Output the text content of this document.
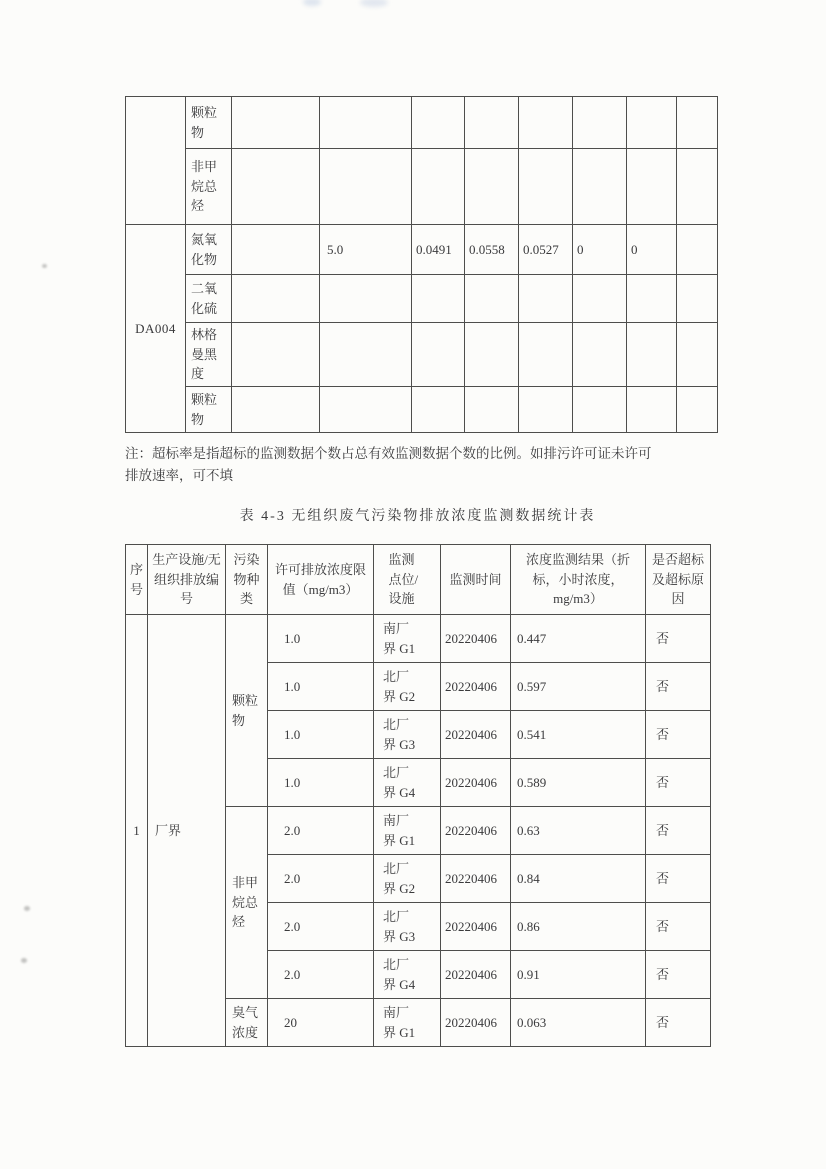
	颗粒物								
	非甲烷总烃								
DA004	氮氧化物		5.0	0.0491	0.0558	0.0527	0	0	
	二氧化硫								
	林格曼黑度								
	颗粒物								
注：超标率是指超标的监测数据个数占总有效监测数据个数的比例。如排污许可证未许可
排放速率，可不填
表 4-3 无组织废气污染物排放浓度监测数据统计表
序号	生产设施/无组织排放编号	污染物种类	许可排放浓度限值（mg/m3）	监测点位/设施	监测时间	浓度监测结果（折标，小时浓度，mg/m3）	是否超标及超标原因
1	厂界	颗粒物	1.0	南厂界 G1	20220406	0.447	否
			1.0	北厂界 G2	20220406	0.597	否
			1.0	北厂界 G3	20220406	0.541	否
			1.0	北厂界 G4	20220406	0.589	否
		非甲烷总烃	2.0	南厂界 G1	20220406	0.63	否
			2.0	北厂界 G2	20220406	0.84	否
			2.0	北厂界 G3	20220406	0.86	否
			2.0	北厂界 G4	20220406	0.91	否
		臭气浓度	20	南厂界 G1	20220406	0.063	否
